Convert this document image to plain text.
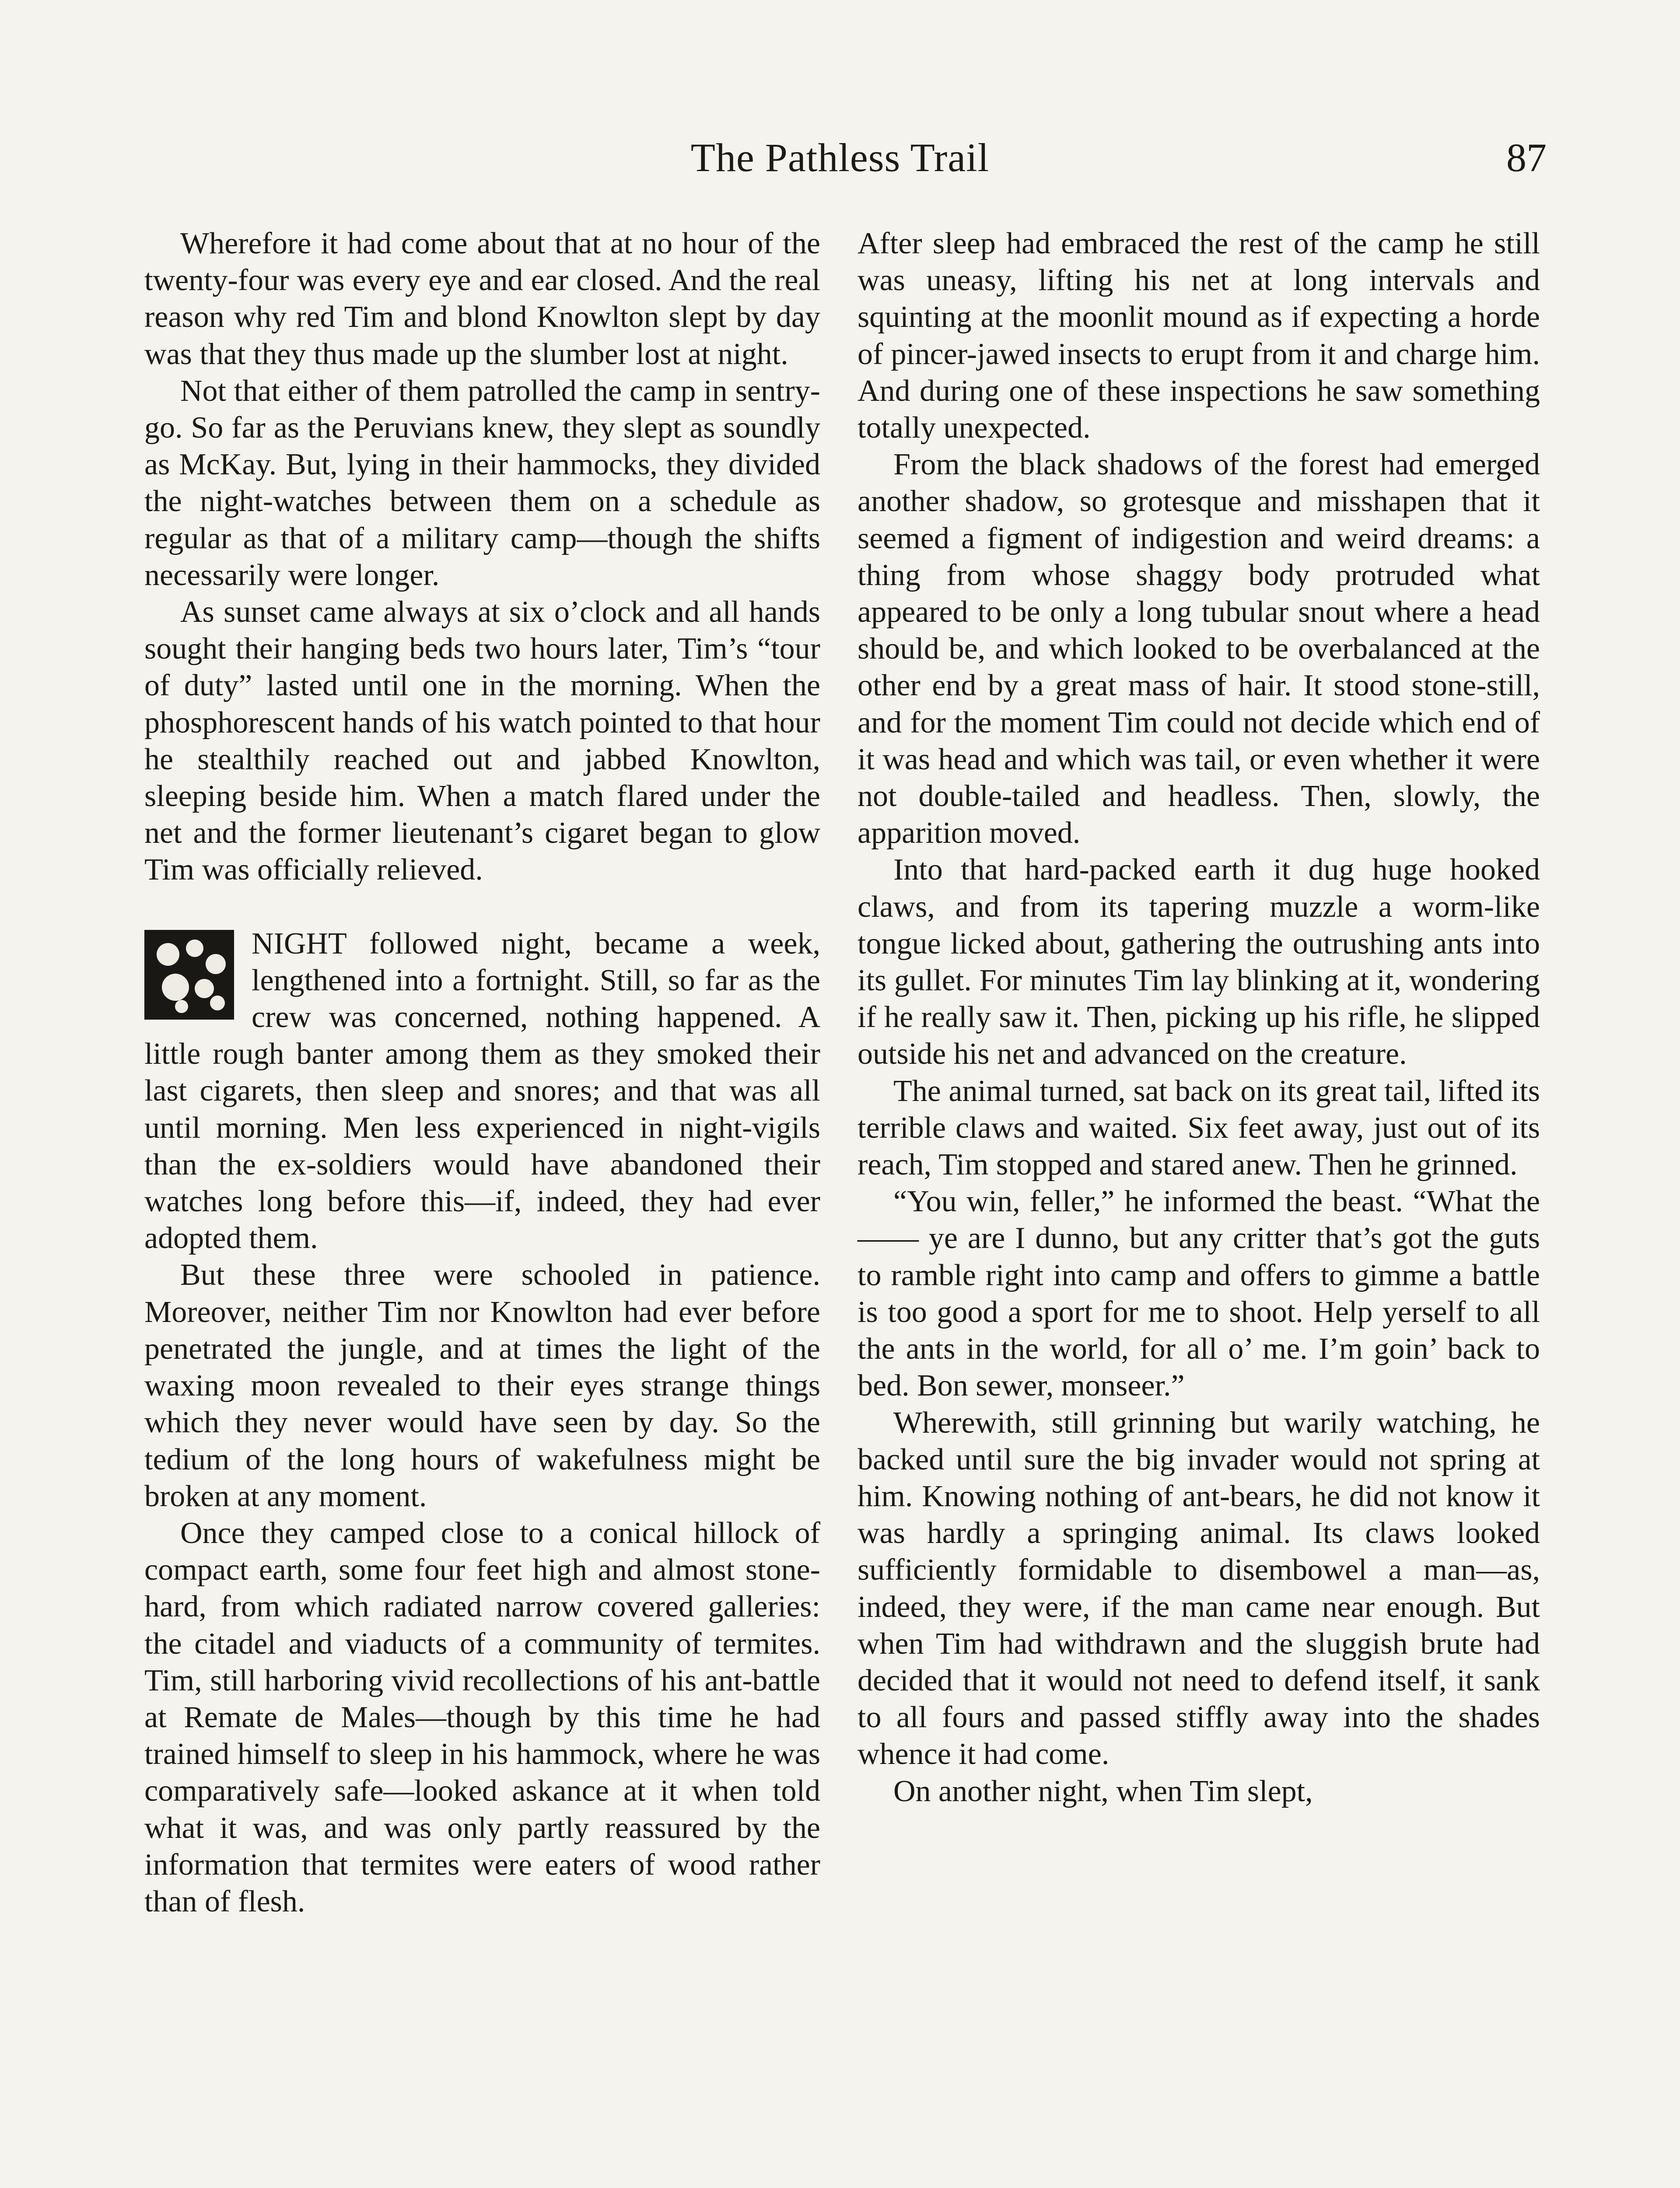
The Pathless Trail	87

Wherefore it had come about that at no hour of the twenty-four was every eye and ear closed. And the real reason why red Tim and blond Knowlton slept by day was that they thus made up the slumber lost at night.

Not that either of them patrolled the camp in sentry-go. So far as the Peruvians knew, they slept as soundly as McKay. But, lying in their hammocks, they divided the night-watches between them on a schedule as regular as that of a military camp—though the shifts necessarily were longer.

As sunset came always at six o’clock and all hands sought their hanging beds two hours later, Tim’s “tour of duty” lasted until one in the morning. When the phosphorescent hands of his watch pointed to that hour he stealthily reached out and jabbed Knowlton, sleeping beside him. When a match flared under the net and the former lieutenant’s cigaret began to glow Tim was officially relieved.

NIGHT followed night, became a week, lengthened into a fortnight. Still, so far as the crew was concerned, nothing happened. A little rough banter among them as they smoked their last cigarets, then sleep and snores; and that was all until morning. Men less experienced in night-vigils than the ex-soldiers would have abandoned their watches long before this—if, indeed, they had ever adopted them.

But these three were schooled in patience. Moreover, neither Tim nor Knowlton had ever before penetrated the jungle, and at times the light of the waxing moon revealed to their eyes strange things which they never would have seen by day. So the tedium of the long hours of wakefulness might be broken at any moment.

Once they camped close to a conical hillock of compact earth, some four feet high and almost stone-hard, from which radiated narrow covered galleries: the citadel and viaducts of a community of termites. Tim, still harboring vivid recollections of his ant-battle at Remate de Males—though by this time he had trained himself to sleep in his hammock, where he was comparatively safe—looked askance at it when told what it was, and was only partly reassured by the information that termites were eaters of wood rather than of flesh.

After sleep had embraced the rest of the camp he still was uneasy, lifting his net at long intervals and squinting at the moonlit mound as if expecting a horde of pincer-jawed insects to erupt from it and charge him. And during one of these inspections he saw something totally unexpected.

From the black shadows of the forest had emerged another shadow, so grotesque and misshapen that it seemed a figment of indigestion and weird dreams: a thing from whose shaggy body protruded what appeared to be only a long tubular snout where a head should be, and which looked to be overbalanced at the other end by a great mass of hair. It stood stone-still, and for the moment Tim could not decide which end of it was head and which was tail, or even whether it were not double-tailed and headless. Then, slowly, the apparition moved.

Into that hard-packed earth it dug huge hooked claws, and from its tapering muzzle a worm-like tongue licked about, gathering the outrushing ants into its gullet. For minutes Tim lay blinking at it, wondering if he really saw it. Then, picking up his rifle, he slipped outside his net and advanced on the creature.

The animal turned, sat back on its great tail, lifted its terrible claws and waited. Six feet away, just out of its reach, Tim stopped and stared anew. Then he grinned.

“You win, feller,” he informed the beast. “What the —— ye are I dunno, but any critter that’s got the guts to ramble right into camp and offers to gimme a battle is too good a sport for me to shoot. Help yerself to all the ants in the world, for all o’ me. I’m goin’ back to bed. Bon sewer, monseer.”

Wherewith, still grinning but warily watching, he backed until sure the big invader would not spring at him. Knowing nothing of ant-bears, he did not know it was hardly a springing animal. Its claws looked sufficiently formidable to disembowel a man—as, indeed, they were, if the man came near enough. But when Tim had withdrawn and the sluggish brute had decided that it would not need to defend itself, it sank to all fours and passed stiffly away into the shades whence it had come.

On another night, when Tim slept,
